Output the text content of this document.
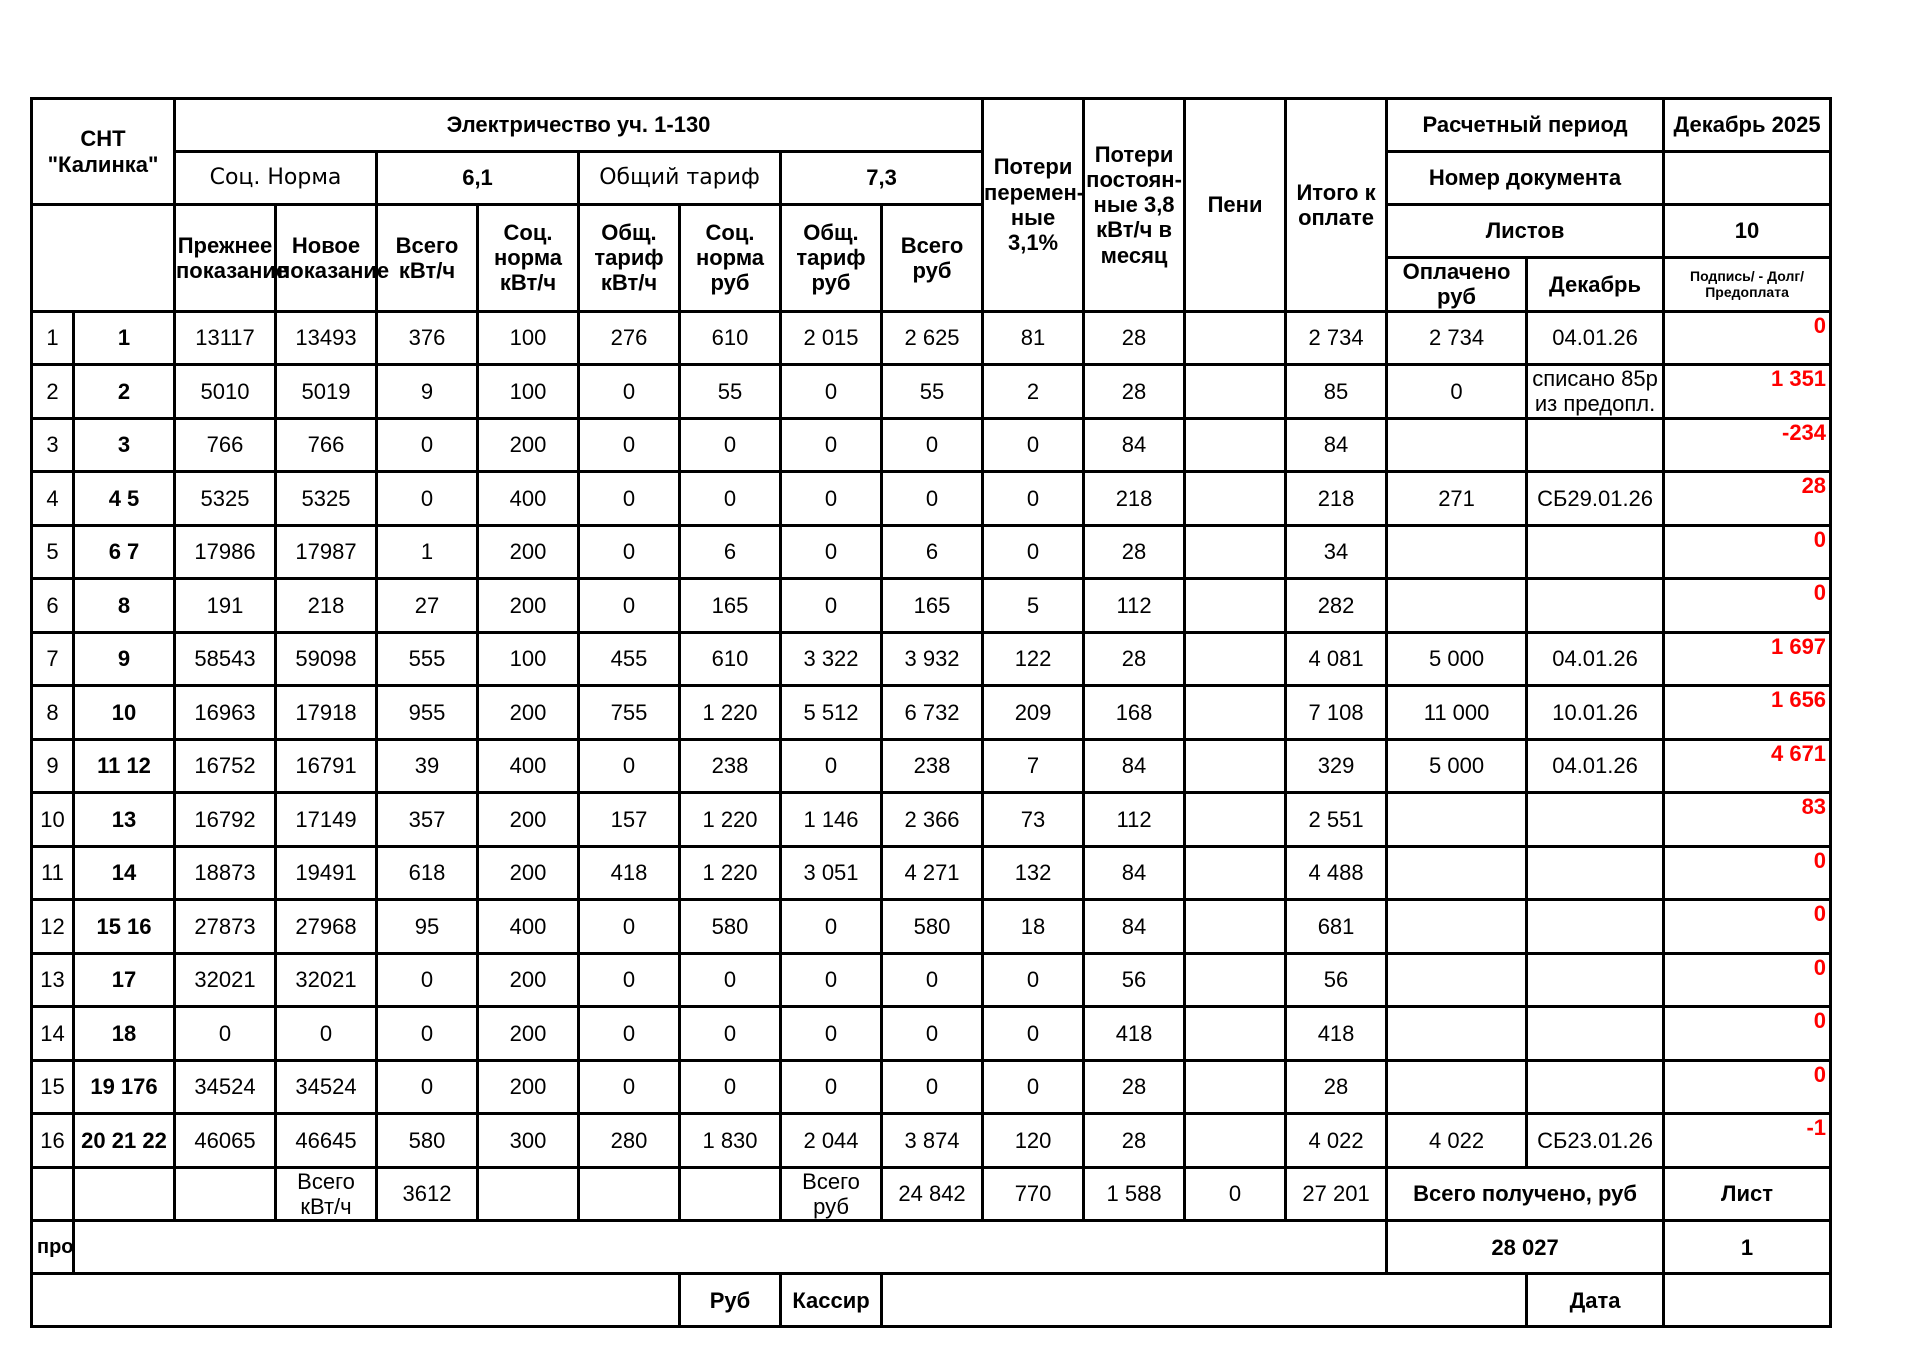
СНТ "Калинка"		Электричество уч. 1-130								Потери перемен-ные 3,1%	Потери постоян-ные 3,8 кВт/ч в месяц	Пени	Итого к оплате	Расчетный период		Декабрь 2025
		Соц. Норма		6,1		Общий тариф		7,3						Номер документа		
		Прежнее показание	Новое показание	Всего кВт/ч	Соц. норма кВт/ч	Общ. тариф кВт/ч	Соц. норма руб	Общ. тариф руб	Всего руб					Листов		10
														Оплачено руб	Декабрь	Подпись/ - Долг/Предоплата
1	1	13117	13493	376	100	276	610	2 015	2 625	81	28		2 734	2 734	04.01.26	0
2	2	5010	5019	9	100	0	55	0	55	2	28		85	0	списано 85р из предопл.	1 351
3	3	766	766	0	200	0	0	0	0	0	84		84			-234
4	4 5	5325	5325	0	400	0	0	0	0	0	218		218	271	СБ29.01.26	28
5	6 7	17986	17987	1	200	0	6	0	6	0	28		34			0
6	8	191	218	27	200	0	165	0	165	5	112		282			0
7	9	58543	59098	555	100	455	610	3 322	3 932	122	28		4 081	5 000	04.01.26	1 697
8	10	16963	17918	955	200	755	1 220	5 512	6 732	209	168		7 108	11 000	10.01.26	1 656
9	11 12	16752	16791	39	400	0	238	0	238	7	84		329	5 000	04.01.26	4 671
10	13	16792	17149	357	200	157	1 220	1 146	2 366	73	112		2 551			83
11	14	18873	19491	618	200	418	1 220	3 051	4 271	132	84		4 488			0
12	15 16	27873	27968	95	400	0	580	0	580	18	84		681			0
13	17	32021	32021	0	200	0	0	0	0	0	56		56			0
14	18	0	0	0	200	0	0	0	0	0	418		418			0
15	19 176	34524	34524	0	200	0	0	0	0	0	28		28			0
16	20 21 22	46065	46645	580	300	280	1 830	2 044	3 874	120	28		4 022	4 022	СБ23.01.26	-1
			Всего кВт/ч	3612				Всего руб	24 842	770	1 588	0	27 201	Всего получено, руб		Лист
про														28 027		1
							Руб	Кассир							Дата	
